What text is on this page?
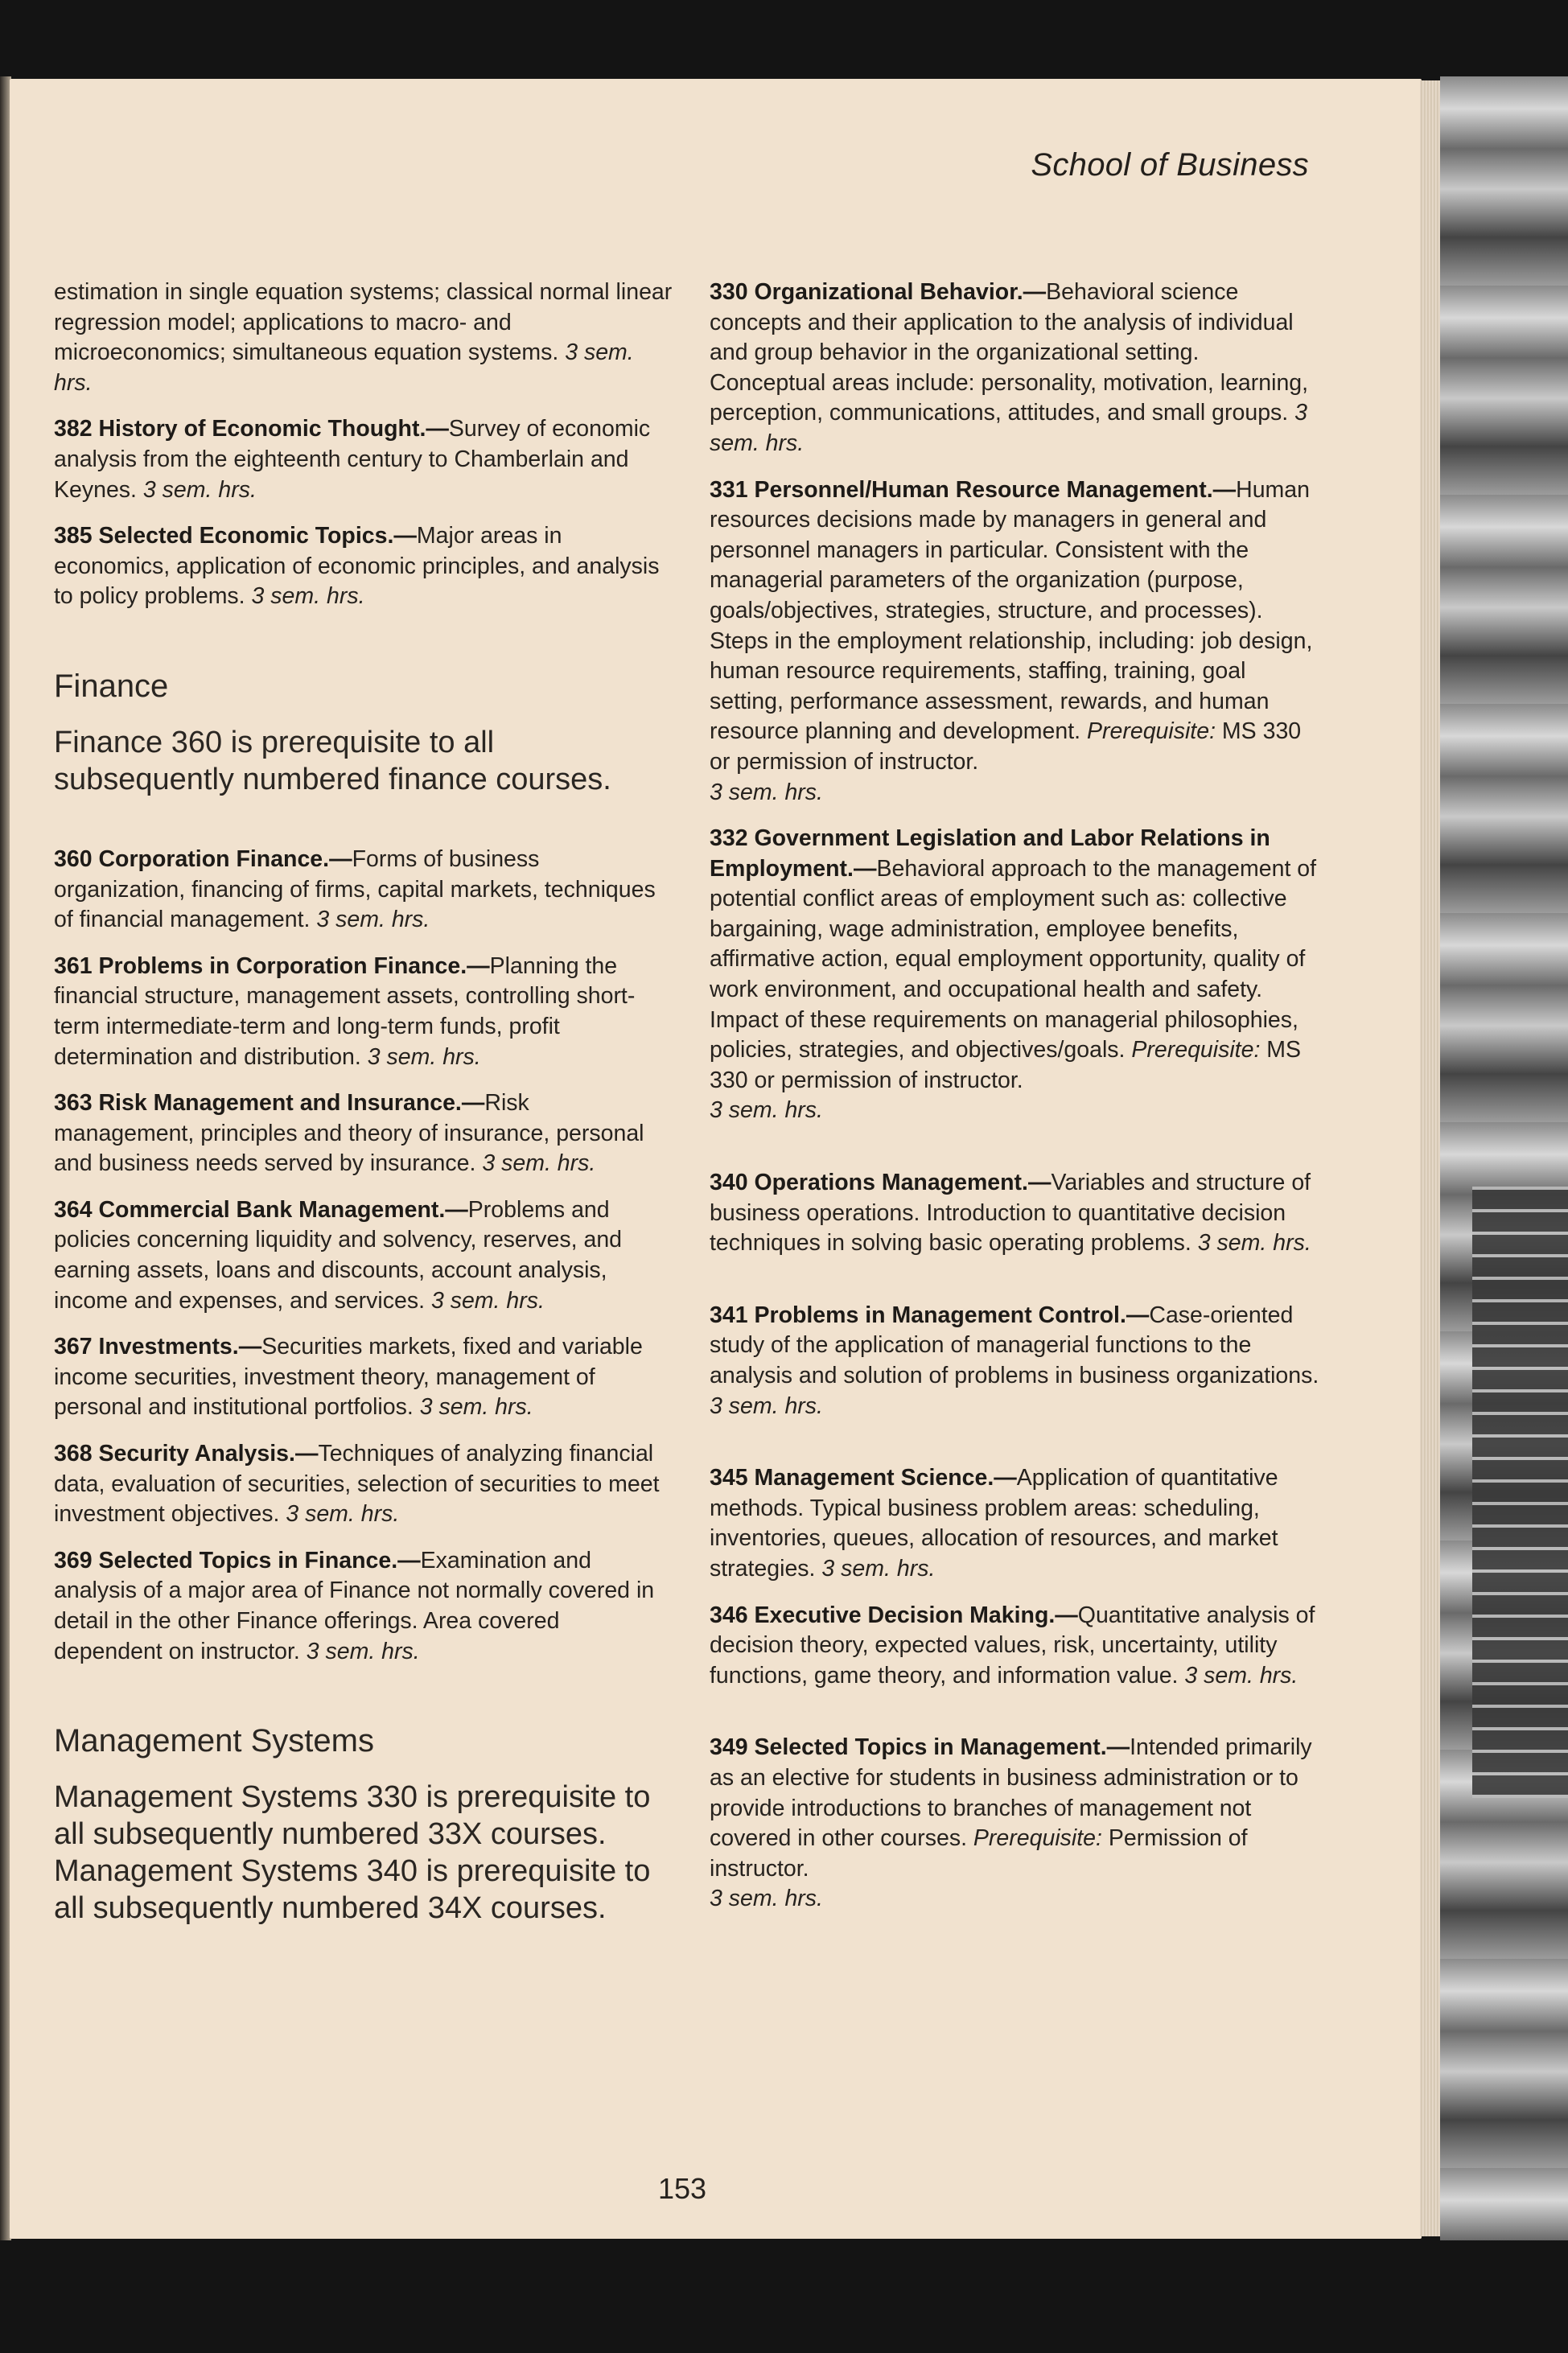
School of Business

estimation in single equation systems; classical normal linear regression model; applications to macro- and microeconomics; simultaneous equation systems. 3 sem. hrs.

382 History of Economic Thought.—Survey of economic analysis from the eighteenth century to Chamberlain and Keynes. 3 sem. hrs.

385 Selected Economic Topics.—Major areas in economics, application of economic principles, and analysis to policy problems. 3 sem. hrs.

Finance
Finance 360 is prerequisite to all subsequently numbered finance courses.

360 Corporation Finance.—Forms of business organization, financing of firms, capital markets, techniques of financial management. 3 sem. hrs.

361 Problems in Corporation Finance.—Planning the financial structure, management assets, controlling short-term intermediate-term and long-term funds, profit determination and distribution. 3 sem. hrs.

363 Risk Management and Insurance.—Risk management, principles and theory of insurance, personal and business needs served by insurance. 3 sem. hrs.

364 Commercial Bank Management.—Problems and policies concerning liquidity and solvency, reserves, and earning assets, loans and discounts, account analysis, income and expenses, and services. 3 sem. hrs.

367 Investments.—Securities markets, fixed and variable income securities, investment theory, management of personal and institutional portfolios. 3 sem. hrs.

368 Security Analysis.—Techniques of analyzing financial data, evaluation of securities, selection of securities to meet investment objectives. 3 sem. hrs.

369 Selected Topics in Finance.—Examination and analysis of a major area of Finance not normally covered in detail in the other Finance offerings. Area covered dependent on instructor. 3 sem. hrs.

Management Systems
Management Systems 330 is prerequisite to all subsequently numbered 33X courses. Management Systems 340 is prerequisite to all subsequently numbered 34X courses.

330 Organizational Behavior.—Behavioral science concepts and their application to the analysis of individual and group behavior in the organizational setting. Conceptual areas include: personality, motivation, learning, perception, communications, attitudes, and small groups. 3 sem. hrs.

331 Personnel/Human Resource Management.—Human resources decisions made by managers in general and personnel managers in particular. Consistent with the managerial parameters of the organization (purpose, goals/objectives, strategies, structure, and processes). Steps in the employment relationship, including: job design, human resource requirements, staffing, training, goal setting, performance assessment, rewards, and human resource planning and development. Prerequisite: MS 330 or permission of instructor.
3 sem. hrs.

332 Government Legislation and Labor Relations in Employment.—Behavioral approach to the management of potential conflict areas of employment such as: collective bargaining, wage administration, employee benefits, affirmative action, equal employment opportunity, quality of work environment, and occupational health and safety. Impact of these requirements on managerial philosophies, policies, strategies, and objectives/goals. Prerequisite: MS 330 or permission of instructor.
3 sem. hrs.

340 Operations Management.—Variables and structure of business operations. Introduction to quantitative decision techniques in solving basic operating problems. 3 sem. hrs.

341 Problems in Management Control.—Case-oriented study of the application of managerial functions to the analysis and solution of problems in business organizations. 3 sem. hrs.

345 Management Science.—Application of quantitative methods. Typical business problem areas: scheduling, inventories, queues, allocation of resources, and market strategies. 3 sem. hrs.

346 Executive Decision Making.—Quantitative analysis of decision theory, expected values, risk, uncertainty, utility functions, game theory, and information value. 3 sem. hrs.

349 Selected Topics in Management.—Intended primarily as an elective for students in business administration or to provide introductions to branches of management not covered in other courses. Prerequisite: Permission of instructor.
3 sem. hrs.

153
